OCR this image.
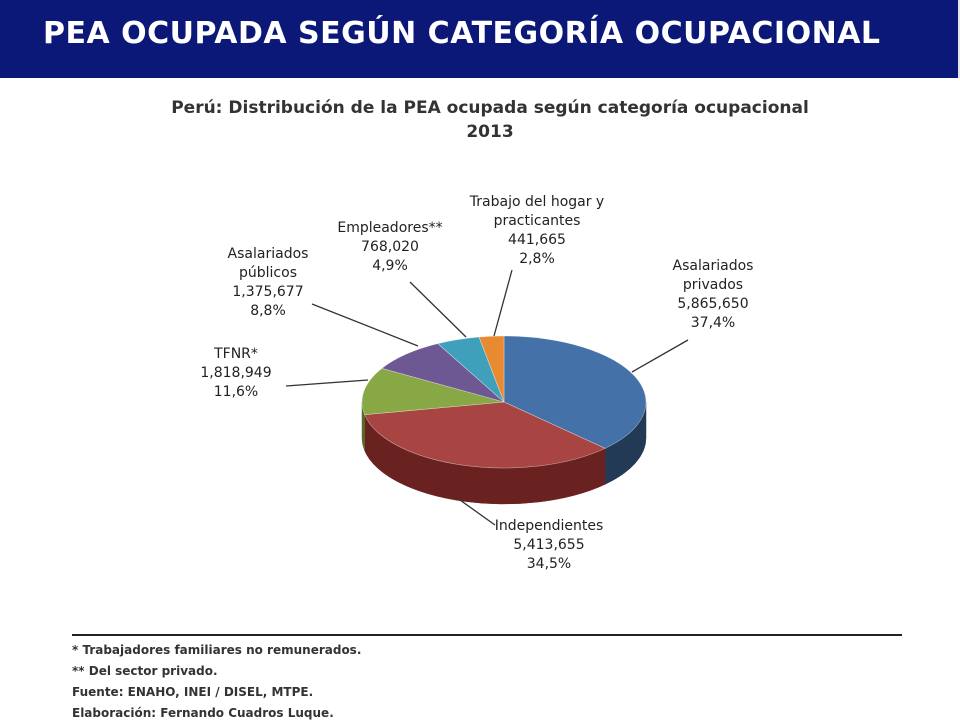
PEA OCUPADA SEGÚN CATEGORÍA OCUPACIONAL
Perú: Distribución de la PEA ocupada según categoría ocupacional
2013
Asalariados privados 5,865,650 37,4%
Independientes 5,413,655 34,5%
TFNR* 1,818,949 11,6%
Asalariados públicos 1,375,677 8,8%
Empleadores** 768,020 4,9%
Trabajo del hogar y practicantes 441,665 2,8%
* Trabajadores familiares no remunerados.
** Del sector privado.
Fuente: ENAHO, INEI / DISEL, MTPE.
Elaboración: Fernando Cuadros Luque.
